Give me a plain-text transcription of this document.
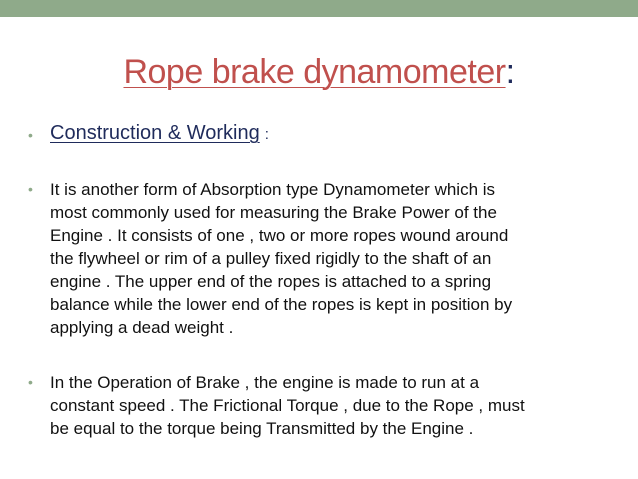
Rope brake dynamometer:
• Construction & Working :
• It is another form of Absorption type Dynamometer which is
most commonly used for measuring the Brake Power of the
Engine . It consists of one , two or more ropes wound around
the flywheel or rim of a pulley fixed rigidly to the shaft of an
engine . The upper end of the ropes is attached to a spring
balance while the lower end of the ropes is kept in position by
applying a dead weight .
• In the Operation of Brake , the engine is made to run at a
constant speed . The Frictional Torque , due to the Rope , must
be equal to the torque being Transmitted by the Engine .
